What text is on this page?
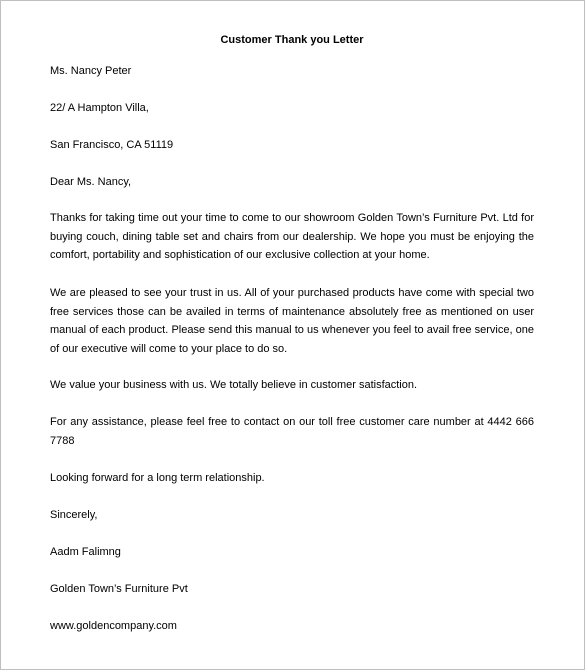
Customer Thank you Letter

Ms. Nancy Peter

22/ A Hampton Villa,

San Francisco, CA 51119

Dear Ms. Nancy,

Thanks for taking time out your time to come to our showroom Golden Town’s Furniture Pvt. Ltd for buying couch, dining table set and chairs from our dealership. We hope you must be enjoying the comfort, portability and sophistication of our exclusive collection at your home.

We are pleased to see your trust in us. All of your purchased products have come with special two free services those can be availed in terms of maintenance absolutely free as mentioned on user manual of each product. Please send this manual to us whenever you feel to avail free service, one of our executive will come to your place to do so.

We value your business with us. We totally believe in customer satisfaction.

For any assistance, please feel free to contact on our toll free customer care number at 4442 666 7788

Looking forward for a long term relationship.

Sincerely,

Aadm Falimng

Golden Town’s Furniture Pvt

www.goldencompany.com
